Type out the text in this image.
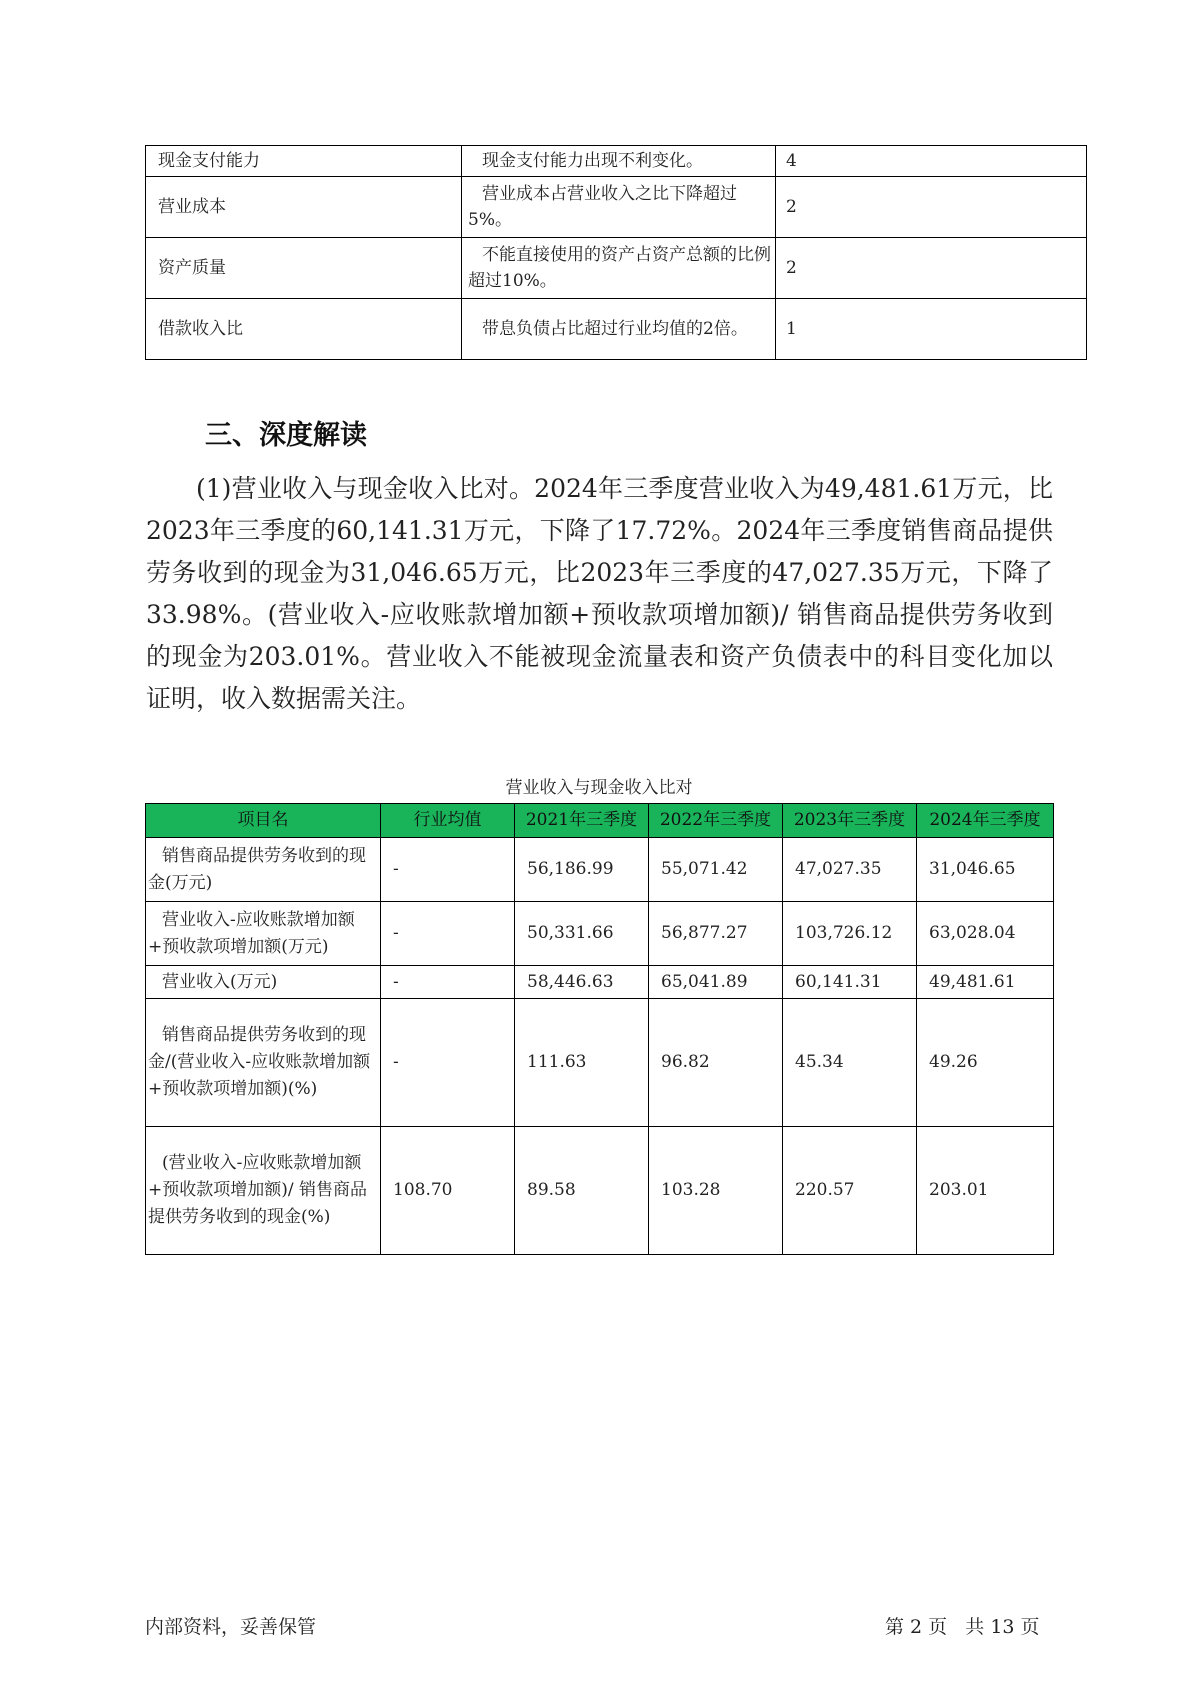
现金支付能力	现金支付能力出现不利变化。	4
营业成本	营业成本占营业收入之比下降超过5%。	2
资产质量	不能直接使用的资产占资产总额的比例超过10%。	2
借款收入比	带息负债占比超过行业均值的2倍。	1
三、深度解读

(1)营业收入与现金收入比对。2024年三季度营业收入为49,481.61万元，比2023年三季度的60,141.31万元，下降了17.72%。2024年三季度销售商品提供劳务收到的现金为31,046.65万元，比2023年三季度的47,027.35万元，下降了33.98%。(营业收入-应收账款增加额+预收款项增加额)/ 销售商品提供劳务收到的现金为203.01%。营业收入不能被现金流量表和资产负债表中的科目变化加以证明，收入数据需关注。

营业收入与现金收入比对
项目名	行业均值	2021年三季度	2022年三季度	2023年三季度	2024年三季度

销售商品提供劳务收到的现金(万元)	-	56,186.99	55,071.42	47,027.35	31,046.65

营业收入-应收账款增加额+预收款项增加额(万元)	-	50,331.66	56,877.27	103,726.12	63,028.04

营业收入(万元)	-	58,446.63	65,041.89	60,141.31	49,481.61

销售商品提供劳务收到的现金/(营业收入-应收账款增加额+预收款项增加额)(%)	-	111.63	96.82	45.34	49.26

(营业收入-应收账款增加额+预收款项增加额)/ 销售商品提供劳务收到的现金(%)	108.70	89.58	103.28	220.57	203.01
内部资料，妥善保管	第 2 页   共 13 页
